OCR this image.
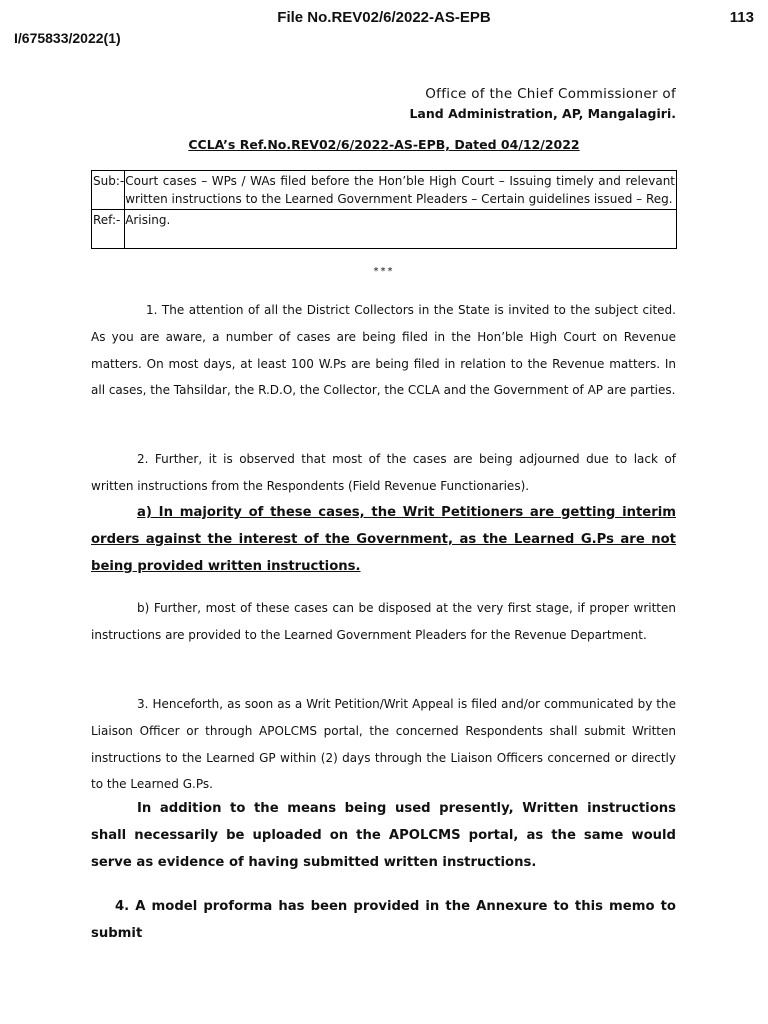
File No.REV02/6/2022-AS-EPB	113
I/675833/2022(1)
Office of the Chief Commissioner of
Land Administration, AP, Mangalagiri.
CCLA’s Ref.No.REV02/6/2022-AS-EPB, Dated 04/12/2022
Sub:-	Court cases – WPs / WAs filed before the Hon’ble High Court – Issuing timely and relevant written instructions to the Learned Government Pleaders – Certain guidelines issued – Reg.
Ref:-	Arising.
***
1. The attention of all the District Collectors in the State is invited to the subject cited. As you are aware, a number of cases are being filed in the Hon’ble High Court on Revenue matters. On most days, at least 100 W.Ps are being filed in relation to the Revenue matters. In all cases, the Tahsildar, the R.D.O, the Collector, the CCLA and the Government of AP are parties.
2. Further, it is observed that most of the cases are being adjourned due to lack of written instructions from the Respondents (Field Revenue Functionaries).
a) In majority of these cases, the Writ Petitioners are getting interim orders against the interest of the Government, as the Learned G.Ps are not being provided written instructions.
b) Further, most of these cases can be disposed at the very first stage, if proper written instructions are provided to the Learned Government Pleaders for the Revenue Department.
3. Henceforth, as soon as a Writ Petition/Writ Appeal is filed and/or communicated by the Liaison Officer or through APOLCMS portal, the concerned Respondents shall submit Written instructions to the Learned GP within (2) days through the Liaison Officers concerned or directly to the Learned G.Ps.
In addition to the means being used presently, Written instructions shall necessarily be uploaded on the APOLCMS portal, as the same would serve as evidence of having submitted written instructions.
4. A model proforma has been provided in the Annexure to this memo to submit
